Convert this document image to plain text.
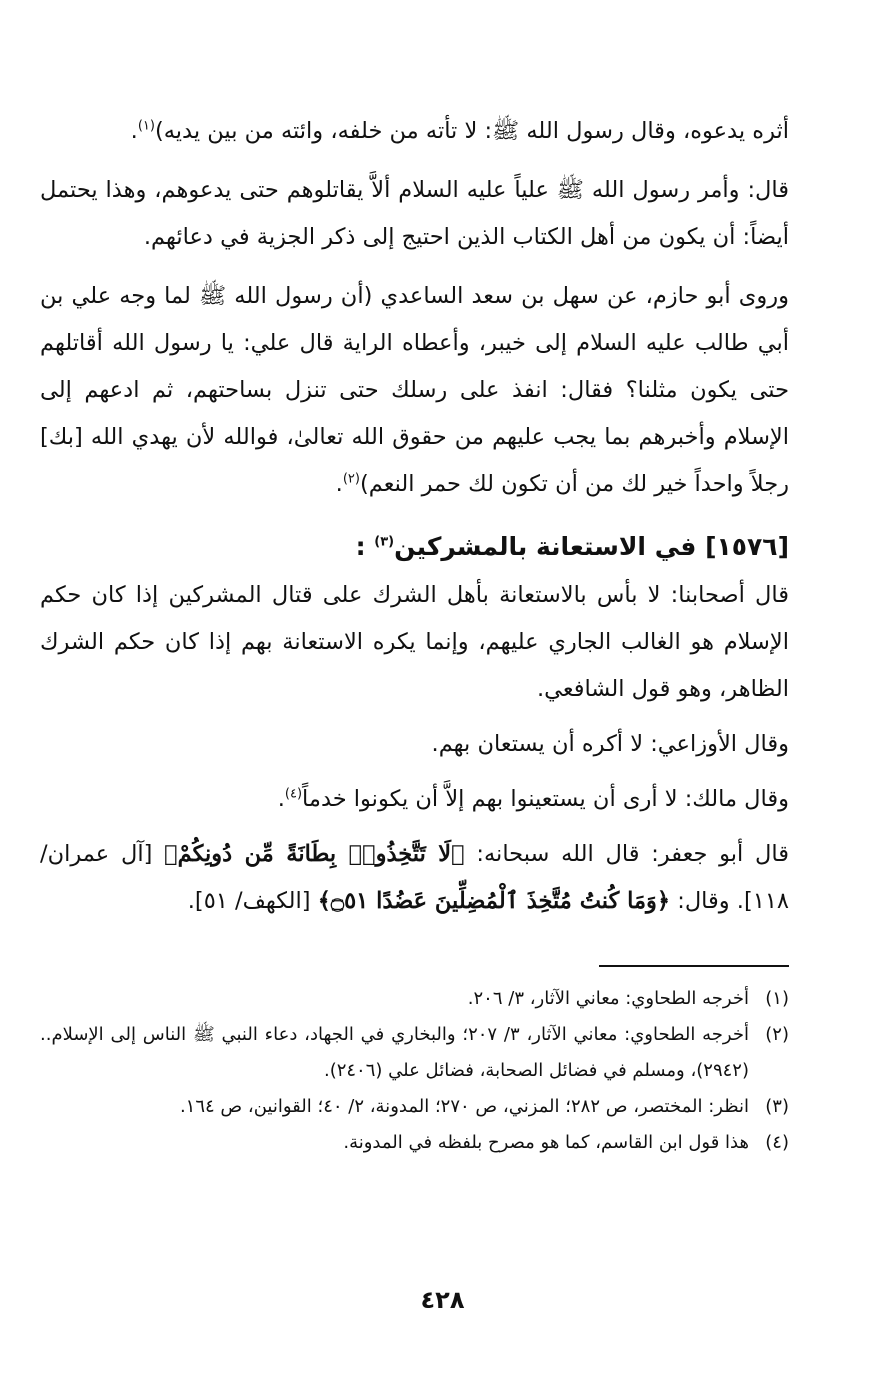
أثره يدعوه، وقال رسول الله ﷺ: لا تأته من خلفه، وائته من بين يديه)$^{(١)}$.

قال: وأمر رسول الله ﷺ علياً عليه السلام ألاَّ يقاتلوهم حتى يدعوهم، وهذا يحتمل أيضاً: أن يكون من أهل الكتاب الذين احتيج إلى ذكر الجزية في دعائهم.

وروى أبو حازم، عن سهل بن سعد الساعدي (أن رسول الله ﷺ لما وجه علي بن أبي طالب عليه السلام إلى خيبر، وأعطاه الراية قال علي: يا رسول الله أقاتلهم حتى يكون مثلنا؟ فقال: انفذ على رسلك حتى تنزل بساحتهم، ثم ادعهم إلى الإسلام وأخبرهم بما يجب عليهم من حقوق الله تعالىٰ، فوالله لأن يهدي الله [بك] رجلاً واحداً خير لك من أن تكون لك حمر النعم)$^{(٢)}$.

[١٥٧٦] في الاستعانة بالمشركين$^{(٣)}$ :

قال أصحابنا: لا بأس بالاستعانة بأهل الشرك على قتال المشركين إذا كان حكم الإسلام هو الغالب الجاري عليهم، وإنما يكره الاستعانة بهم إذا كان حكم الشرك الظاهر، وهو قول الشافعي.

وقال الأوزاعي: لا أكره أن يستعان بهم.

وقال مالك: لا أرى أن يستعينوا بهم إلاَّ أن يكونوا خدماً$^{(٤)}$.

قال أبو جعفر: قال الله سبحانه: ﴿لَا تَتَّخِذُوا۟ بِطَانَةً مِّن دُونِكُمْ﴾ [آل عمران/ ١١٨]. وقال: ﴿وَمَا كُنتُ مُتَّخِذَ ٱلْمُضِلِّينَ عَضُدًا ۝٥١﴾ [الكهف/ ٥١].

(١)
أخرجه الطحاوي: معاني الآثار، ٣/ ٢٠٦.

(٢)
أخرجه الطحاوي: معاني الآثار، ٣/ ٢٠٧؛ والبخاري في الجهاد، دعاء النبي ﷺ الناس إلى الإسلام.. (٢٩٤٢)، ومسلم في فضائل الصحابة، فضائل علي (٢٤٠٦).

(٣)
انظر: المختصر، ص ٢٨٢؛ المزني، ص ٢٧٠؛ المدونة، ٢/ ٤٠؛ القوانين، ص ١٦٤.

(٤)
هذا قول ابن القاسم، كما هو مصرح بلفظه في المدونة.

٤٢٨
